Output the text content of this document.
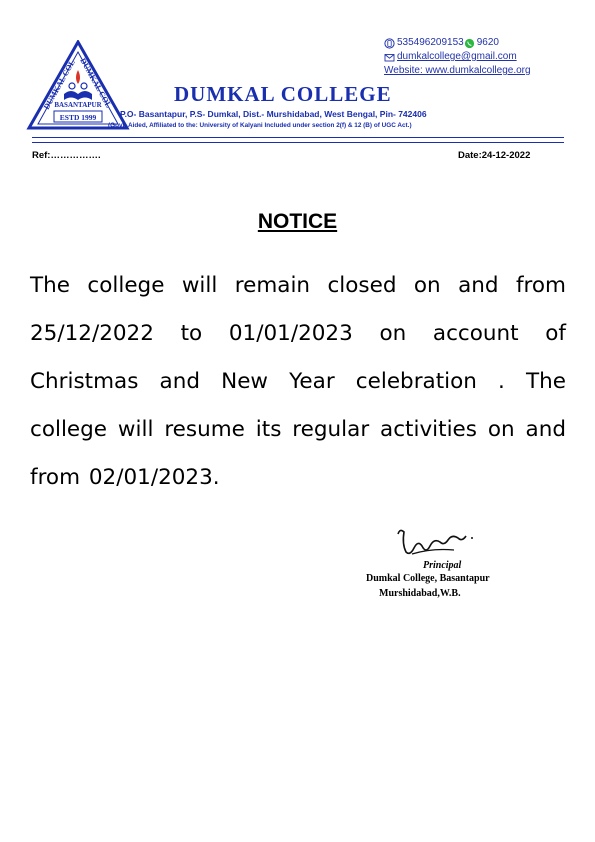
DUMKAL COL DUMKAL COL
BASANTAPUR
ESTD 1999
535496209153 9620
dumkalcollege@gmail.com
Website: www.dumkalcollege.org
DUMKAL COLLEGE
P.O- Basantapur, P.S- Dumkal, Dist.- Murshidabad, West Bengal, Pin- 742406
(Govt. Aided, Affiliated to the: University of Kalyani Included under section 2(f) & 12 (B) of UGC Act.)
Ref:…………….	Date:24-12-2022
NOTICE
The college will remain closed on and from 25/12/2022 to 01/01/2023 on account of Christmas and New Year celebration . The college will resume its regular activities on and from 02/01/2023.
Principal
Dumkal College, Basantapur
Murshidabad,W.B.
